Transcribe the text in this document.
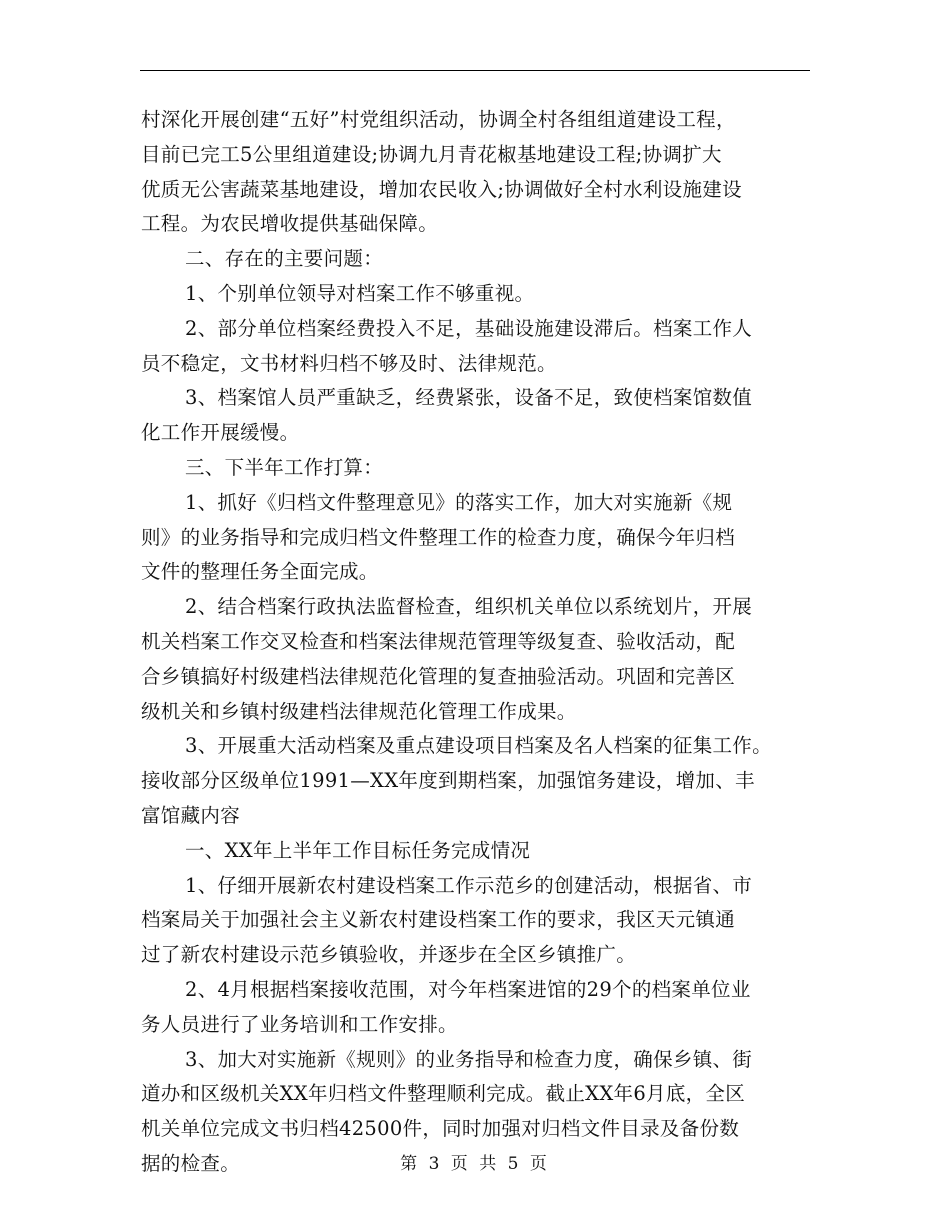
村深化开展创建“五好”村党组织活动，协调全村各组组道建设工程，
目前已完工5公里组道建设;协调九月青花椒基地建设工程;协调扩大
优质无公害蔬菜基地建设，增加农民收入;协调做好全村水利设施建设
工程。为农民增收提供基础保障。
二、存在的主要问题：
1、个别单位领导对档案工作不够重视。
2、部分单位档案经费投入不足，基础设施建设滞后。档案工作人
员不稳定，文书材料归档不够及时、法律规范。
3、档案馆人员严重缺乏，经费紧张，设备不足，致使档案馆数值
化工作开展缓慢。
三、下半年工作打算：
1、抓好《归档文件整理意见》的落实工作，加大对实施新《规
则》的业务指导和完成归档文件整理工作的检查力度，确保今年归档
文件的整理任务全面完成。
2、结合档案行政执法监督检查，组织机关单位以系统划片，开展
机关档案工作交叉检查和档案法律规范管理等级复查、验收活动，配
合乡镇搞好村级建档法律规范化管理的复查抽验活动。巩固和完善区
级机关和乡镇村级建档法律规范化管理工作成果。
3、开展重大活动档案及重点建设项目档案及名人档案的征集工作。
接收部分区级单位1991—XX年度到期档案，加强馆务建设，增加、丰
富馆藏内容
一、XX年上半年工作目标任务完成情况
1、仔细开展新农村建设档案工作示范乡的创建活动，根据省、市
档案局关于加强社会主义新农村建设档案工作的要求，我区天元镇通
过了新农村建设示范乡镇验收，并逐步在全区乡镇推广。
2、4月根据档案接收范围，对今年档案进馆的29个的档案单位业
务人员进行了业务培训和工作安排。
3、加大对实施新《规则》的业务指导和检查力度，确保乡镇、街
道办和区级机关XX年归档文件整理顺利完成。截止XX年6月底，全区
机关单位完成文书归档42500件，同时加强对归档文件目录及备份数
据的检查。	第 3 页 共 5 页
